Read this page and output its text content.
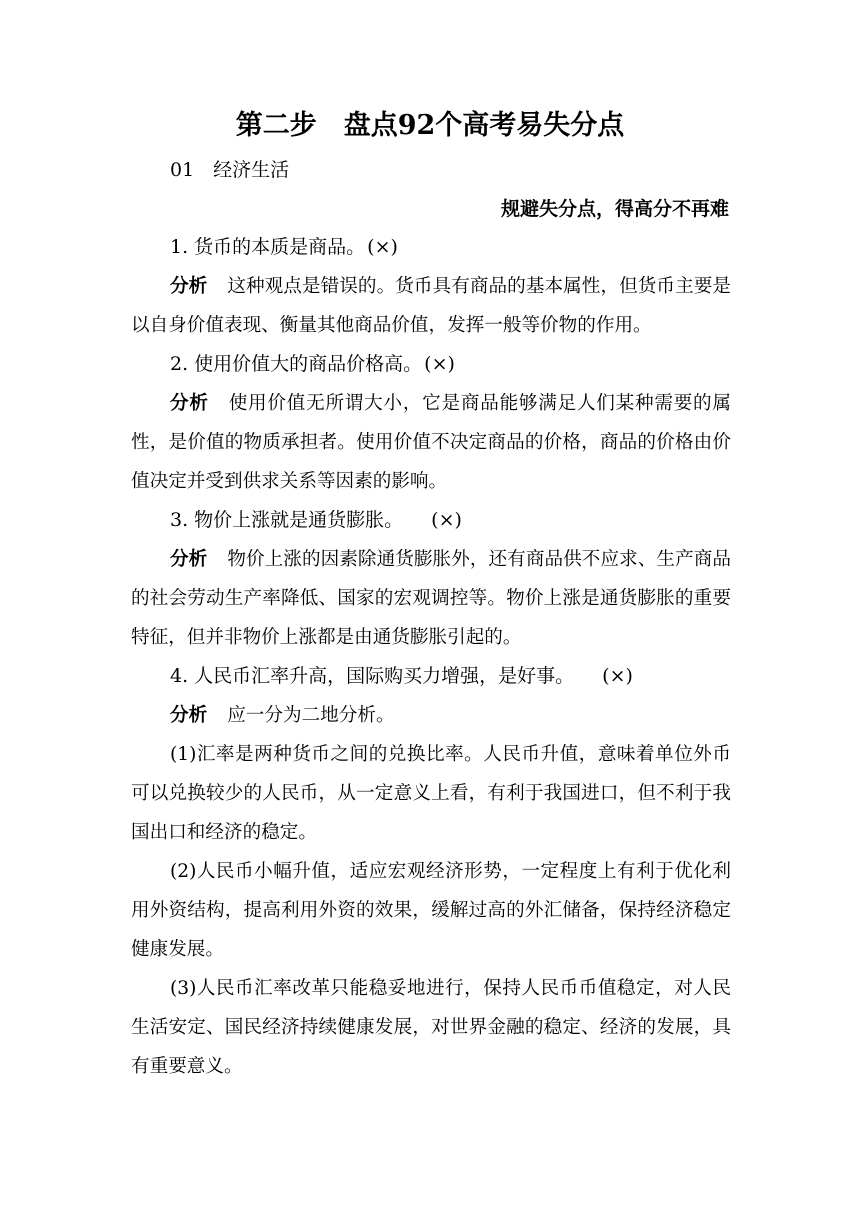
第二步　盘点92个高考易失分点
01　经济生活
规避失分点，得高分不再难

1. 货币的本质是商品。 (×)

分析 这种观点是错误的。货币具有商品的基本属性，但货币主要是以自身价值表现、衡量其他商品价值，发挥一般等价物的作用。

2. 使用价值大的商品价格高。 (×)

分析 使用价值无所谓大小，它是商品能够满足人们某种需要的属性，是价值的物质承担者。使用价值不决定商品的价格，商品的价格由价值决定并受到供求关系等因素的影响。

3. 物价上涨就是通货膨胀。 (×)

分析 物价上涨的因素除通货膨胀外，还有商品供不应求、生产商品的社会劳动生产率降低、国家的宏观调控等。物价上涨是通货膨胀的重要特征，但并非物价上涨都是由通货膨胀引起的。

4. 人民币汇率升高，国际购买力增强，是好事。 (×)

分析 应一分为二地分析。

(1)汇率是两种货币之间的兑换比率。人民币升值，意味着单位外币可以兑换较少的人民币，从一定意义上看，有利于我国进口，但不利于我国出口和经济的稳定。

(2)人民币小幅升值，适应宏观经济形势，一定程度上有利于优化利用外资结构，提高利用外资的效果，缓解过高的外汇储备，保持经济稳定健康发展。

(3)人民币汇率改革只能稳妥地进行，保持人民币币值稳定，对人民生活安定、国民经济持续健康发展，对世界金融的稳定、经济的发展，具有重要意义。
